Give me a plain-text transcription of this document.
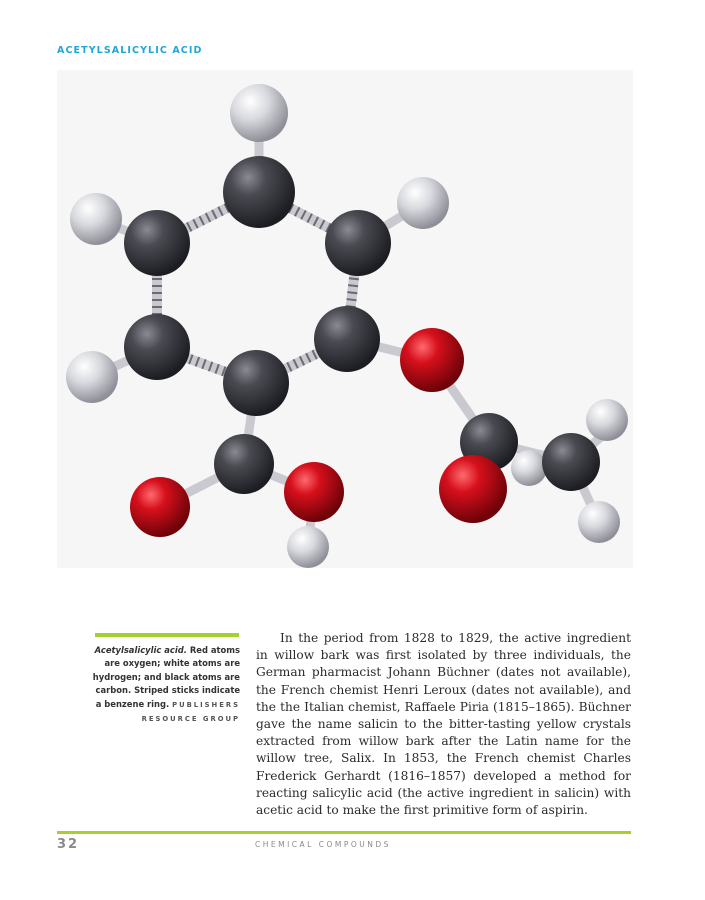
ACETYLSALICYLIC ACID
Acetylsalicylic acid. Red atoms are oxygen; white atoms are hydrogen; and black atoms are carbon. Striped sticks indicate a benzene ring. PUBLISHERS RESOURCE GROUP

In the period from 1828 to 1829, the active ingredient in willow bark was first isolated by three individuals, the German pharmacist Johann Büchner (dates not available), the French chemist Henri Leroux (dates not available), and the the Italian chemist, Raffaele Piria (1815–1865). Büchner gave the name salicin to the bitter-tasting yellow crystals extracted from willow bark after the Latin name for the willow tree, Salix. In 1853, the French chemist Charles Frederick Gerhardt (1816–1857) developed a method for reacting salicylic acid (the active ingredient in salicin) with acetic acid to make the first primitive form of aspirin.

32	CHEMICAL COMPOUNDS
